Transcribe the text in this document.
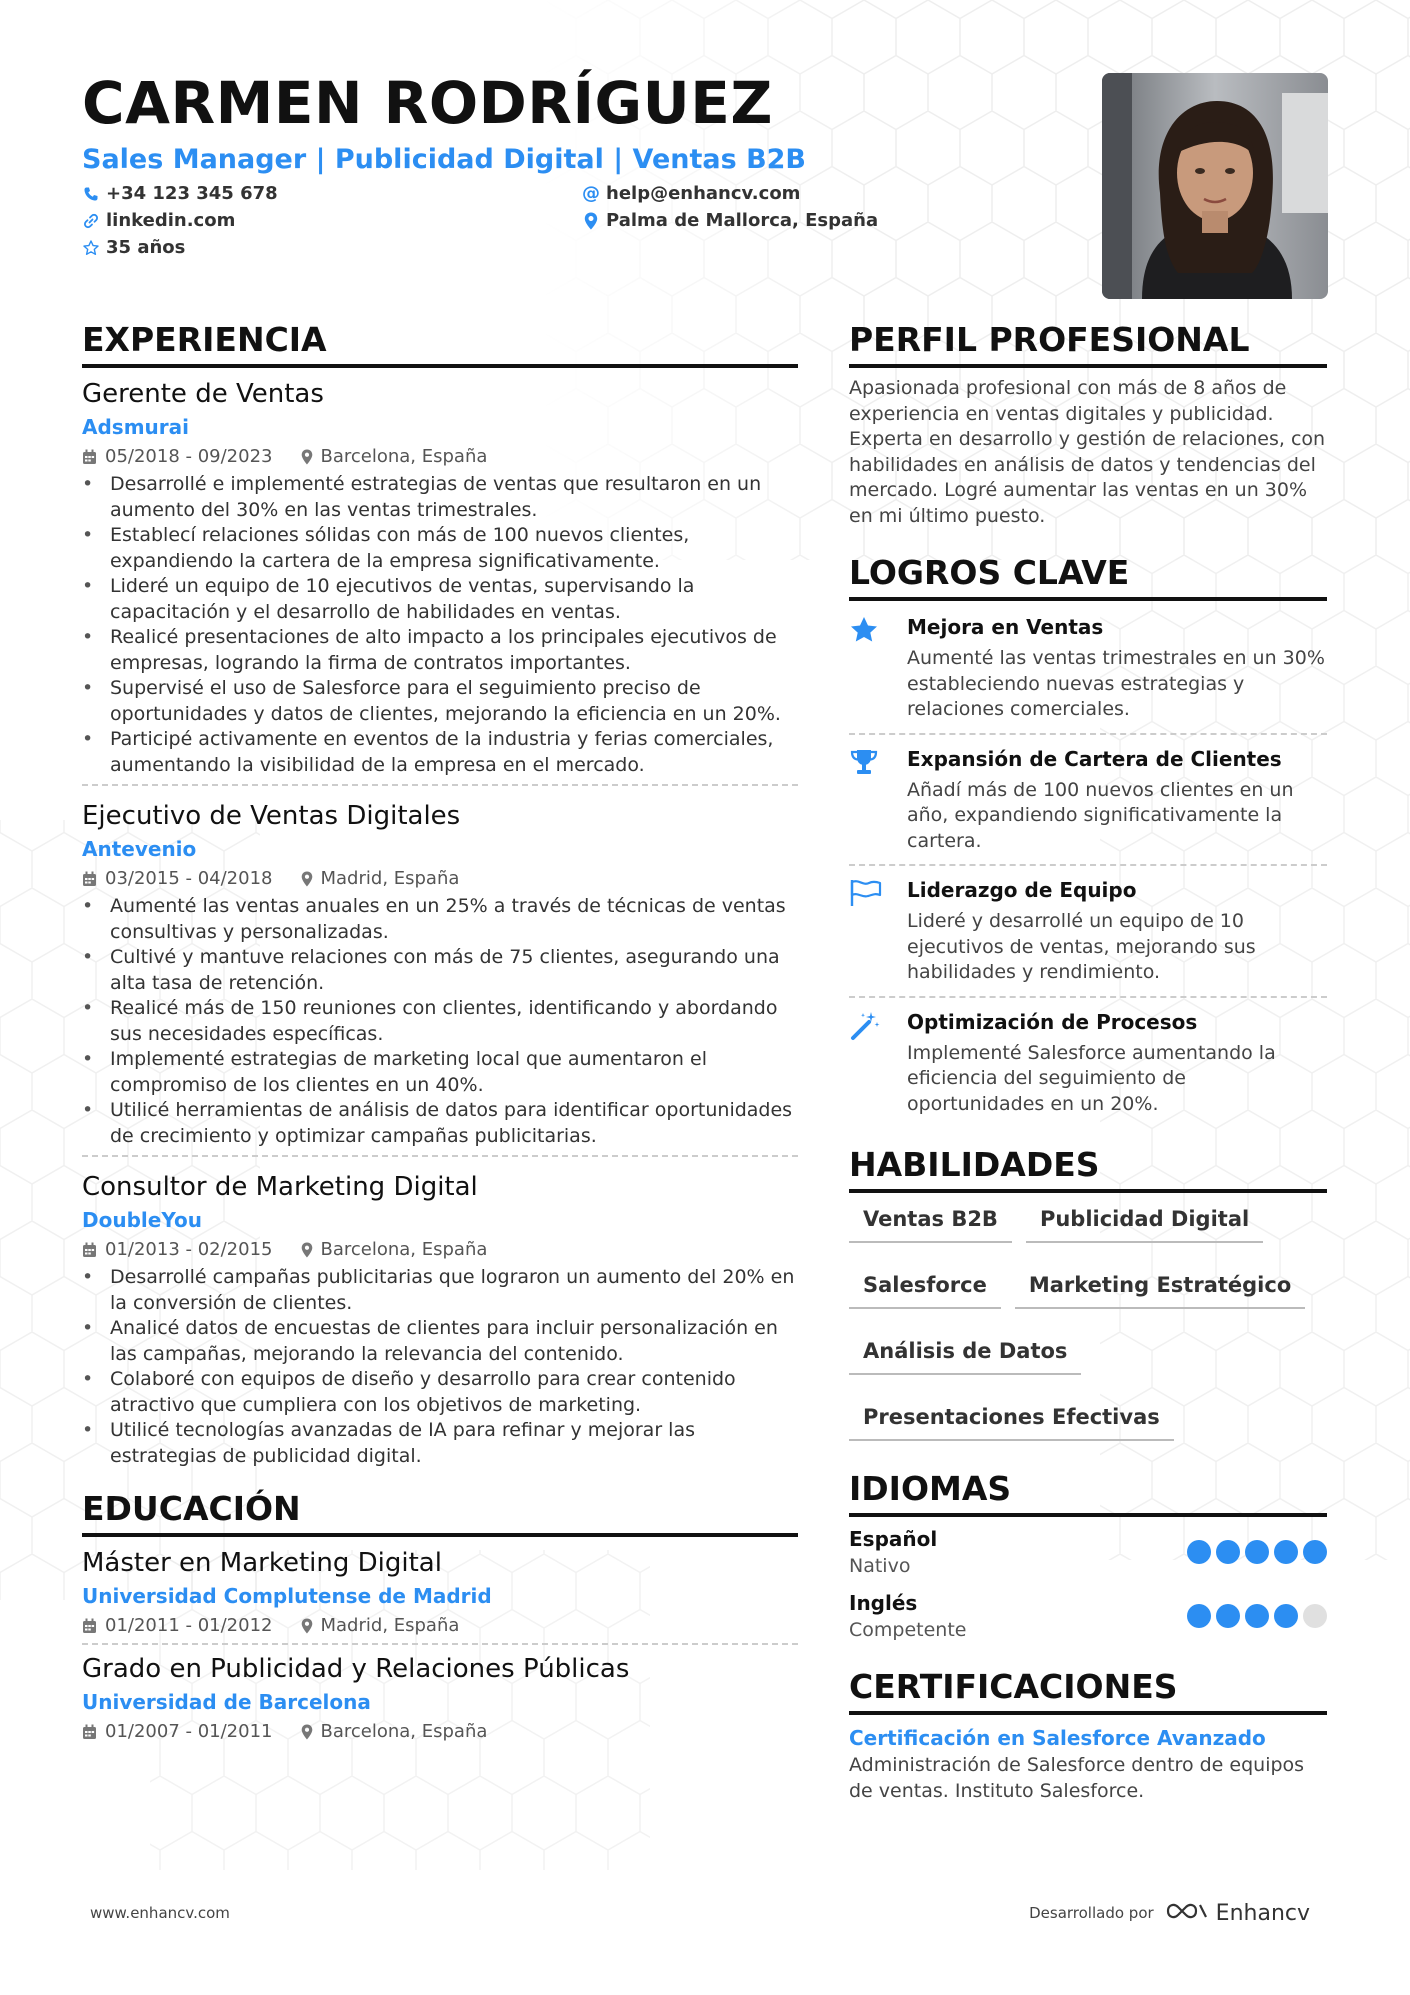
CARMEN RODRÍGUEZ
Sales Manager | Publicidad Digital | Ventas B2B
+34 123 345 678	@ help@enhancv.com
linkedin.com	Palma de Mallorca, España
35 años
EXPERIENCIA
Gerente de Ventas
Adsmurai
05/2018 - 09/2023	Barcelona, España
• Desarrollé e implementé estrategias de ventas que resultaron en un aumento del 30% en las ventas trimestrales.
• Establecí relaciones sólidas con más de 100 nuevos clientes, expandiendo la cartera de la empresa significativamente.
• Lideré un equipo de 10 ejecutivos de ventas, supervisando la capacitación y el desarrollo de habilidades en ventas.
• Realicé presentaciones de alto impacto a los principales ejecutivos de empresas, logrando la firma de contratos importantes.
• Supervisé el uso de Salesforce para el seguimiento preciso de oportunidades y datos de clientes, mejorando la eficiencia en un 20%.
• Participé activamente en eventos de la industria y ferias comerciales, aumentando la visibilidad de la empresa en el mercado.
Ejecutivo de Ventas Digitales
Antevenio
03/2015 - 04/2018	Madrid, España
• Aumenté las ventas anuales en un 25% a través de técnicas de ventas consultivas y personalizadas.
• Cultivé y mantuve relaciones con más de 75 clientes, asegurando una alta tasa de retención.
• Realicé más de 150 reuniones con clientes, identificando y abordando sus necesidades específicas.
• Implementé estrategias de marketing local que aumentaron el compromiso de los clientes en un 40%.
• Utilicé herramientas de análisis de datos para identificar oportunidades de crecimiento y optimizar campañas publicitarias.
Consultor de Marketing Digital
DoubleYou
01/2013 - 02/2015	Barcelona, España
• Desarrollé campañas publicitarias que lograron un aumento del 20% en la conversión de clientes.
• Analicé datos de encuestas de clientes para incluir personalización en las campañas, mejorando la relevancia del contenido.
• Colaboré con equipos de diseño y desarrollo para crear contenido atractivo que cumpliera con los objetivos de marketing.
• Utilicé tecnologías avanzadas de IA para refinar y mejorar las estrategias de publicidad digital.
EDUCACIÓN
Máster en Marketing Digital
Universidad Complutense de Madrid
01/2011 - 01/2012	Madrid, España
Grado en Publicidad y Relaciones Públicas
Universidad de Barcelona
01/2007 - 01/2011	Barcelona, España
PERFIL PROFESIONAL
Apasionada profesional con más de 8 años de experiencia en ventas digitales y publicidad. Experta en desarrollo y gestión de relaciones, con habilidades en análisis de datos y tendencias del mercado. Logré aumentar las ventas en un 30% en mi último puesto.
LOGROS CLAVE
Mejora en Ventas
Aumenté las ventas trimestrales en un 30% estableciendo nuevas estrategias y relaciones comerciales.
Expansión de Cartera de Clientes
Añadí más de 100 nuevos clientes en un año, expandiendo significativamente la cartera.
Liderazgo de Equipo
Lideré y desarrollé un equipo de 10 ejecutivos de ventas, mejorando sus habilidades y rendimiento.
Optimización de Procesos
Implementé Salesforce aumentando la eficiencia del seguimiento de oportunidades en un 20%.
HABILIDADES
Ventas B2B	Publicidad Digital
Salesforce	Marketing Estratégico
Análisis de Datos
Presentaciones Efectivas
IDIOMAS
Español
Nativo
Inglés
Competente
CERTIFICACIONES
Certificación en Salesforce Avanzado
Administración de Salesforce dentro de equipos de ventas. Instituto Salesforce.
www.enhancv.com	Desarrollado por	Enhancv
